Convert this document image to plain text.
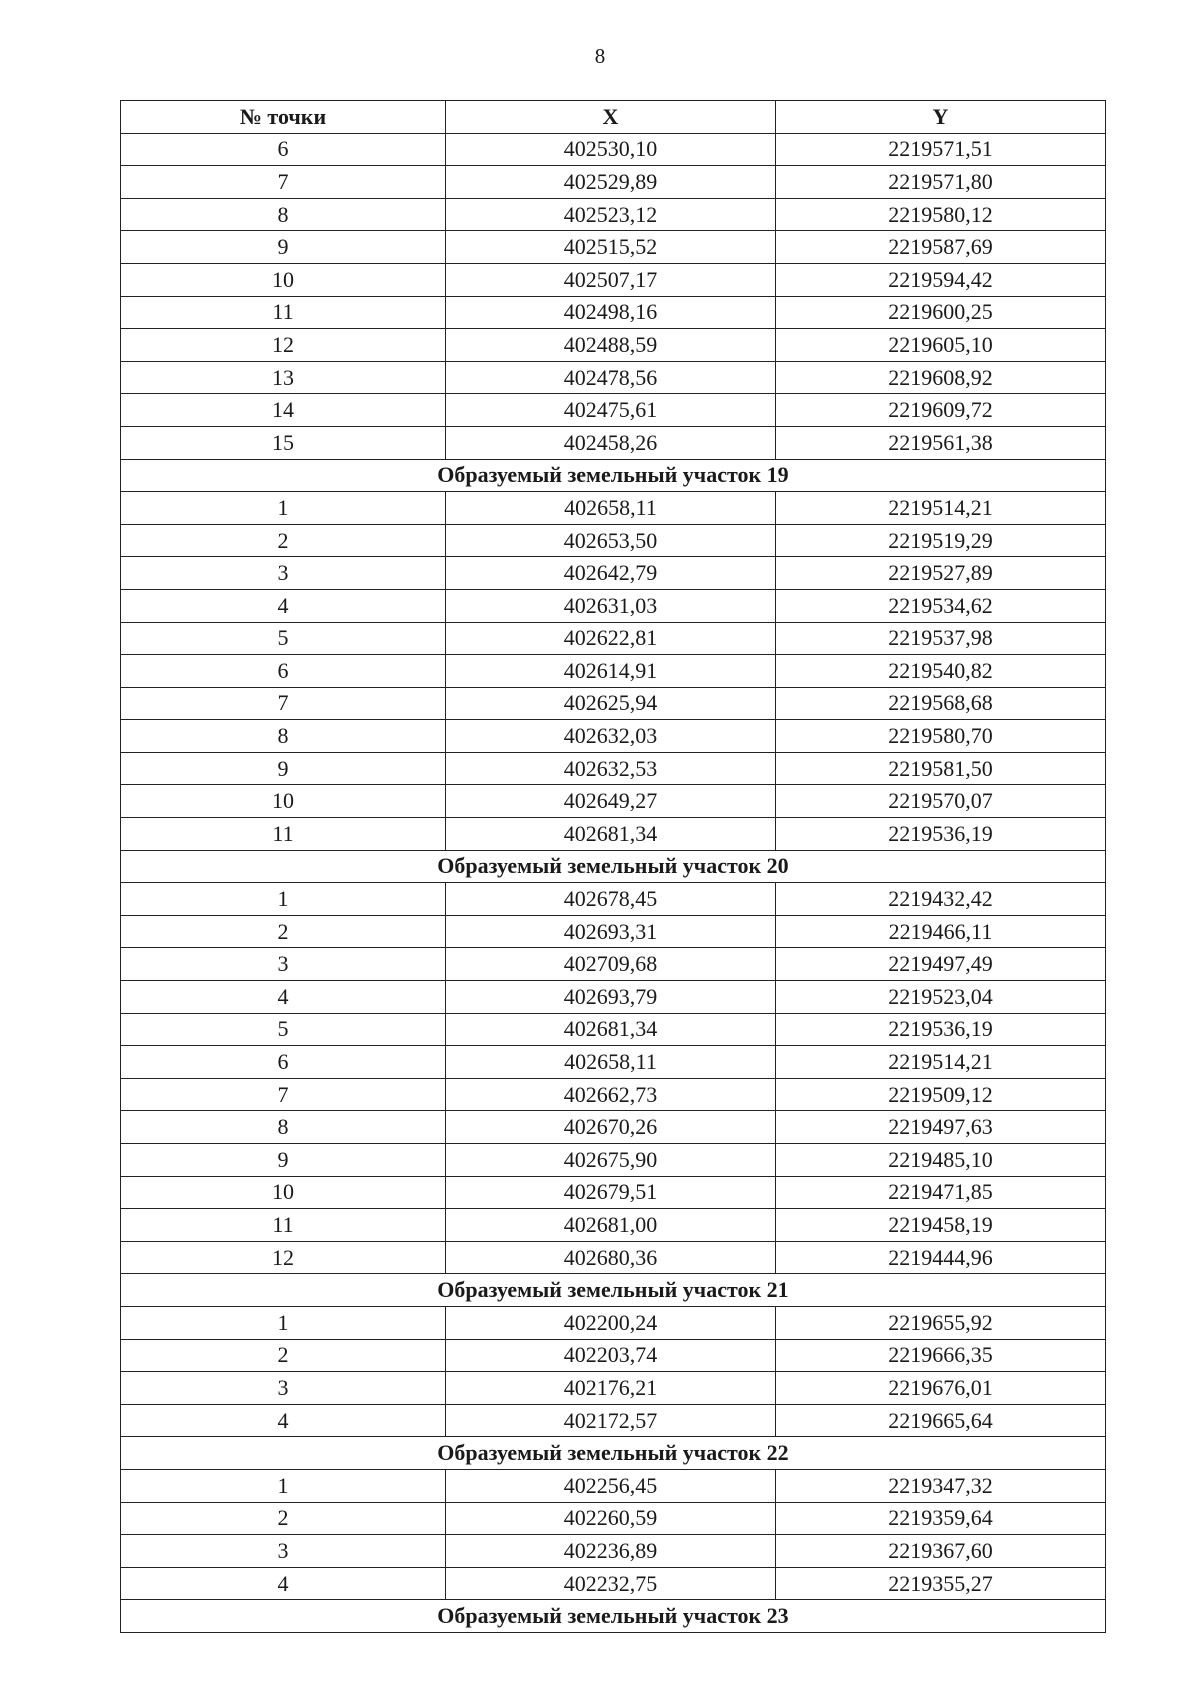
8
№ точки	X	Y
6	402530,10	2219571,51
7	402529,89	2219571,80
8	402523,12	2219580,12
9	402515,52	2219587,69
10	402507,17	2219594,42
11	402498,16	2219600,25
12	402488,59	2219605,10
13	402478,56	2219608,92
14	402475,61	2219609,72
15	402458,26	2219561,38
Образуемый земельный участок 19		
1	402658,11	2219514,21
2	402653,50	2219519,29
3	402642,79	2219527,89
4	402631,03	2219534,62
5	402622,81	2219537,98
6	402614,91	2219540,82
7	402625,94	2219568,68
8	402632,03	2219580,70
9	402632,53	2219581,50
10	402649,27	2219570,07
11	402681,34	2219536,19
Образуемый земельный участок 20		
1	402678,45	2219432,42
2	402693,31	2219466,11
3	402709,68	2219497,49
4	402693,79	2219523,04
5	402681,34	2219536,19
6	402658,11	2219514,21
7	402662,73	2219509,12
8	402670,26	2219497,63
9	402675,90	2219485,10
10	402679,51	2219471,85
11	402681,00	2219458,19
12	402680,36	2219444,96
Образуемый земельный участок 21		
1	402200,24	2219655,92
2	402203,74	2219666,35
3	402176,21	2219676,01
4	402172,57	2219665,64
Образуемый земельный участок 22		
1	402256,45	2219347,32
2	402260,59	2219359,64
3	402236,89	2219367,60
4	402232,75	2219355,27
Образуемый земельный участок 23		
